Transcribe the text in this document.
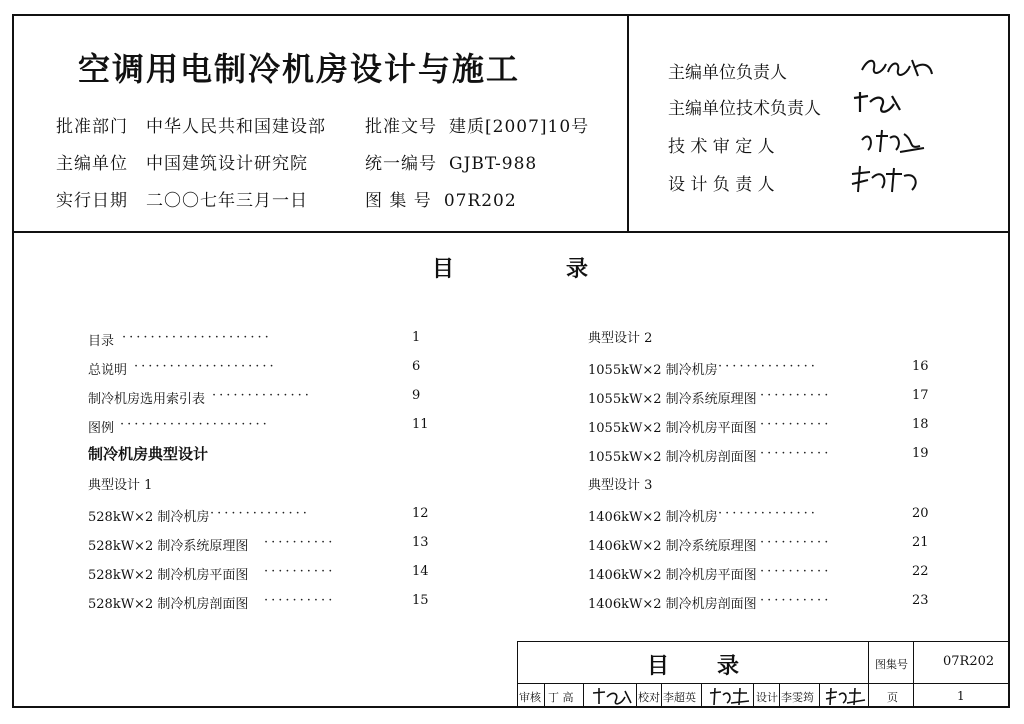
空调用电制冷机房设计与施工
批准部门 中华人民共和国建设部
主编单位 中国建筑设计研究院
实行日期 二〇〇七年三月一日
批准文号 建质[2007]10号
统一编号 GJBT-988
图 集 号 07R202
主编单位负责人
主编单位技术负责人
技 术 审 定 人
设 计 负 责 人
目	录
目录 ·····················	1
总说明 ····················	6
制冷机房选用索引表 ··············	9
图例 ·····················	11
528kW×2 制冷机房 ··············	12
528kW×2 制冷系统原理图 ··········	13
528kW×2 制冷机房平面图 ··········	14
528kW×2 制冷机房剖面图 ··········	15
1055kW×2 制冷机房 ··············	16
1055kW×2 制冷系统原理图 ··········	17
1055kW×2 制冷机房平面图 ··········	18
1055kW×2 制冷机房剖面图 ··········	19
1406kW×2 制冷机房 ··············	20
1406kW×2 制冷系统原理图 ··········	21
1406kW×2 制冷机房平面图 ··········	22
1406kW×2 制冷机房剖面图 ··········	23
制冷机房典型设计
典型设计 1
典型设计 2
典型设计 3
目 录	图集号	07R202
审核 丁 高	校对 李超英	设计 李雯筠	页	1
